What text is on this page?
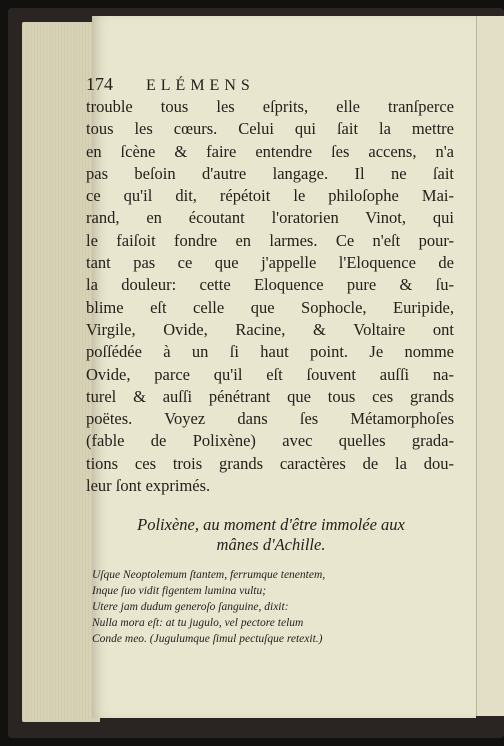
174	ELÉMENS
trouble tous les eſprits, elle tranſperce
tous les cœurs. Celui qui ſait la mettre
en ſcène & faire entendre ſes accens, n'a
pas beſoin d'autre langage. Il ne ſait
ce qu'il dit, répétoit le philoſophe Mai-
rand, en écoutant l'oratorien Vinot, qui
le faiſoit fondre en larmes. Ce n'eſt pour-
tant pas ce que j'appelle l'Eloquence de
la douleur: cette Eloquence pure & ſu-
blime eſt celle que Sophocle, Euripide,
Virgile, Ovide, Racine, & Voltaire ont
poſſédée à un ſi haut point. Je nomme
Ovide, parce qu'il eſt ſouvent auſſi na-
turel & auſſi pénétrant que tous ces grands
poëtes. Voyez dans ſes Métamorphoſes
(fable de Polixène) avec quelles grada-
tions ces trois grands caractères de la dou-
leur ſont exprimés.
Polixène, au moment d'être immolée aux
mânes d'Achille.
Uſque Neoptolemum ſtantem, ferrumque tenentem,
Inque ſuo vidit figentem lumina vultu;
Utere jam dudum generoſo ſanguine, dixit:
Nulla mora eſt: at tu jugulo, vel pectore telum
Conde meo. (Jugulumque ſimul pectuſque retexit.)
